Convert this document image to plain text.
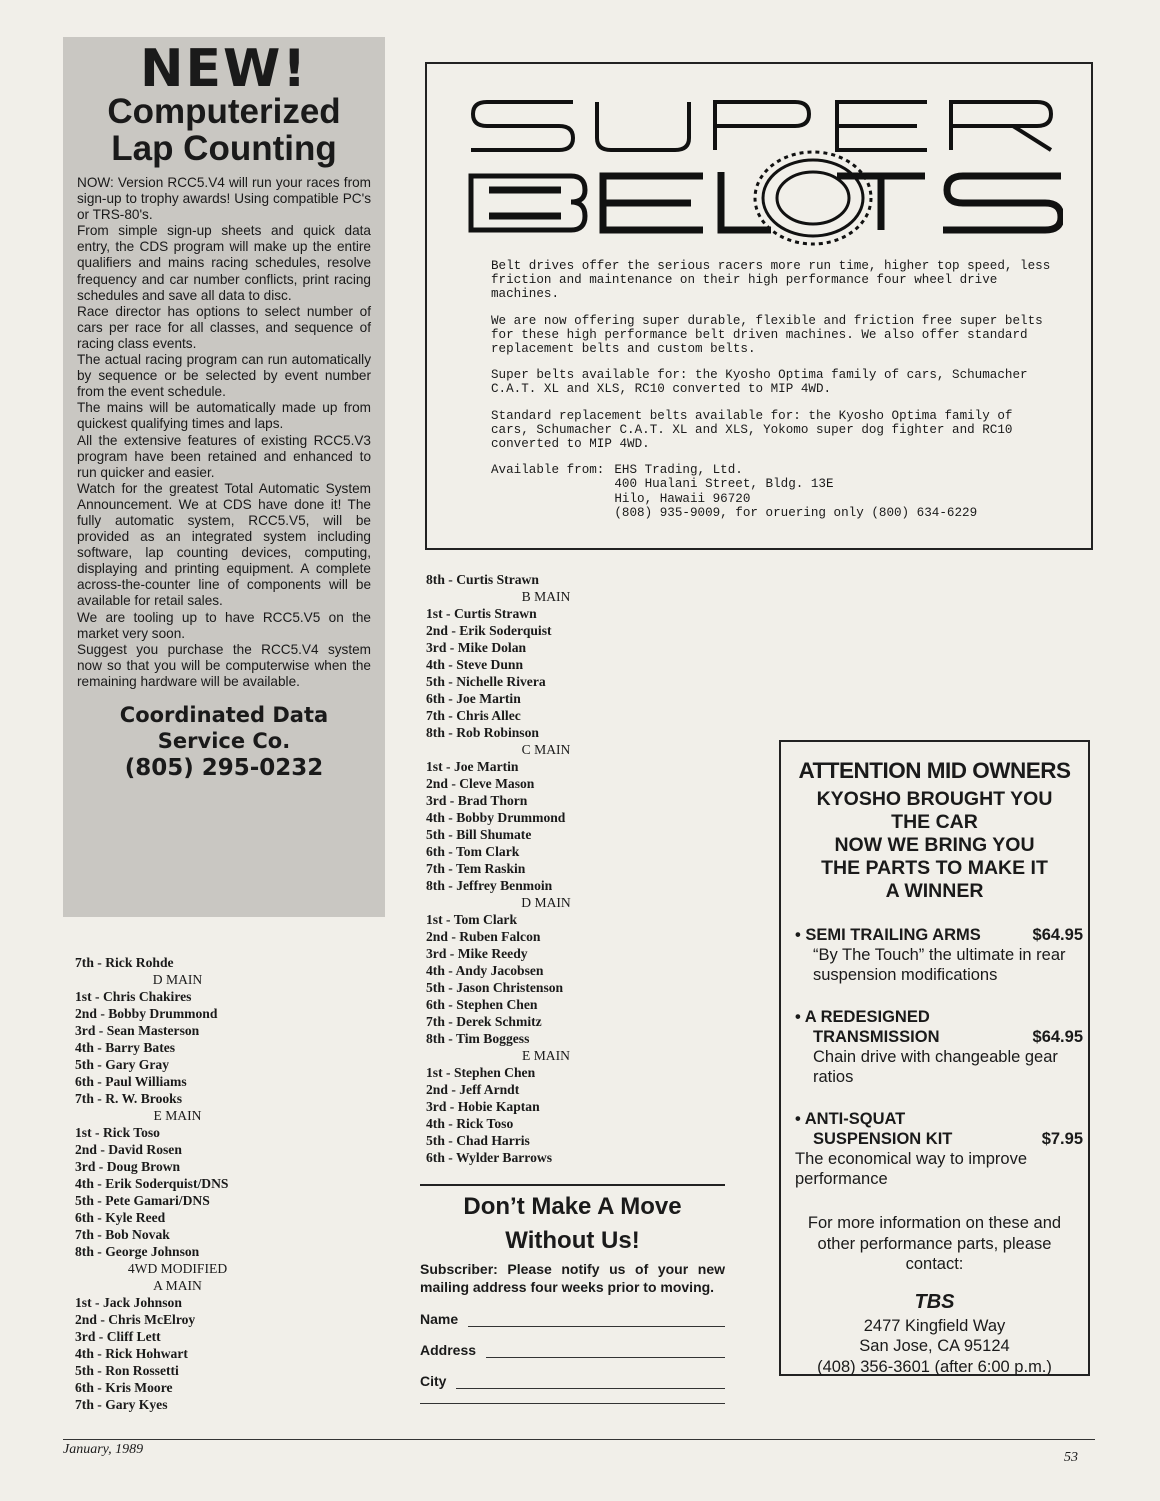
NEW!
Computerized
Lap Counting

NOW: Version RCC5.V4 will run your races from sign-up to trophy awards! Using compatible PC's or TRS-80's.

From simple sign-up sheets and quick data entry, the CDS program will make up the entire qualifiers and mains racing schedules, resolve frequency and car number conflicts, print racing schedules and save all data to disc.

Race director has options to select number of cars per race for all classes, and sequence of racing class events.

The actual racing program can run automatically by sequence or be selected by event number from the event schedule.

The mains will be automatically made up from quickest qualifying times and laps.

All the extensive features of existing RCC5.V3 program have been retained and enhanced to run quicker and easier.

Watch for the greatest Total Automatic System Announcement. We at CDS have done it! The fully automatic system, RCC5.V5, will be provided as an integrated system including software, lap counting devices, computing, displaying and printing equipment. A complete across-the-counter line of components will be available for retail sales.

We are tooling up to have RCC5.V5 on the market very soon.

Suggest you purchase the RCC5.V4 system now so that you will be computerwise when the remaining hardware will be available.

Coordinated Data
Service Co.
(805) 295-0232
7th - Rick Rohde
D MAIN
1st - Chris Chakires
2nd - Bobby Drummond
3rd - Sean Masterson
4th - Barry Bates
5th - Gary Gray
6th - Paul Williams
7th - R. W. Brooks
E MAIN
1st - Rick Toso
2nd - David Rosen
3rd - Doug Brown
4th - Erik Soderquist/DNS
5th - Pete Gamari/DNS
6th - Kyle Reed
7th - Bob Novak
8th - George Johnson
4WD MODIFIED
A MAIN
1st - Jack Johnson
2nd - Chris McElroy
3rd - Cliff Lett
4th - Rick Hohwart
5th - Ron Rossetti
6th - Kris Moore
7th - Gary Kyes

Belt drives offer the serious racers more run time, higher top speed, less friction and maintenance on their high performance four wheel drive machines.

We are now offering super durable, flexible and friction free super belts for these high performance belt driven machines. We also offer standard replacement belts and custom belts.

Super belts available for: the Kyosho Optima family of cars, Schumacher C.A.T. XL and XLS, RC10 converted to MIP 4WD.

Standard replacement belts available for: the Kyosho Optima family of cars, Schumacher C.A.T. XL and XLS, Yokomo super dog fighter and RC10 converted to MIP 4WD.

Available from: EHS Trading, Ltd.
400 Hualani Street, Bldg. 13E
Hilo, Hawaii 96720
(808) 935-9009, for oruering only (800) 634-6229
8th - Curtis Strawn
B MAIN
1st - Curtis Strawn
2nd - Erik Soderquist
3rd - Mike Dolan
4th - Steve Dunn
5th - Nichelle Rivera
6th - Joe Martin
7th - Chris Allec
8th - Rob Robinson
C MAIN
1st - Joe Martin
2nd - Cleve Mason
3rd - Brad Thorn
4th - Bobby Drummond
5th - Bill Shumate
6th - Tom Clark
7th - Tem Raskin
8th - Jeffrey Benmoin
D MAIN
1st - Tom Clark
2nd - Ruben Falcon
3rd - Mike Reedy
4th - Andy Jacobsen
5th - Jason Christenson
6th - Stephen Chen
7th - Derek Schmitz
8th - Tim Boggess
E MAIN
1st - Stephen Chen
2nd - Jeff Arndt
3rd - Hobie Kaptan
4th - Rick Toso
5th - Chad Harris
6th - Wylder Barrows
Don’t Make A Move
Without Us!
Subscriber: Please notify us of your new mailing address four weeks prior to moving.
Name
Address
City
ATTENTION MID OWNERS
KYOSHO BROUGHT YOU
THE CAR
NOW WE BRING YOU
THE PARTS TO MAKE IT
A WINNER
• SEMI TRAILING ARMS	$64.95
“By The Touch” the ultimate in rear suspension modifications
• A REDESIGNED
TRANSMISSION	$64.95
Chain drive with changeable gear ratios
• ANTI-SQUAT
SUSPENSION KIT	$7.95
The economical way to improve performance
For more information on these and other performance parts, please contact:
TBS
2477 Kingfield Way
San Jose, CA 95124
(408) 356-3601 (after 6:00 p.m.)
January, 1989
53
